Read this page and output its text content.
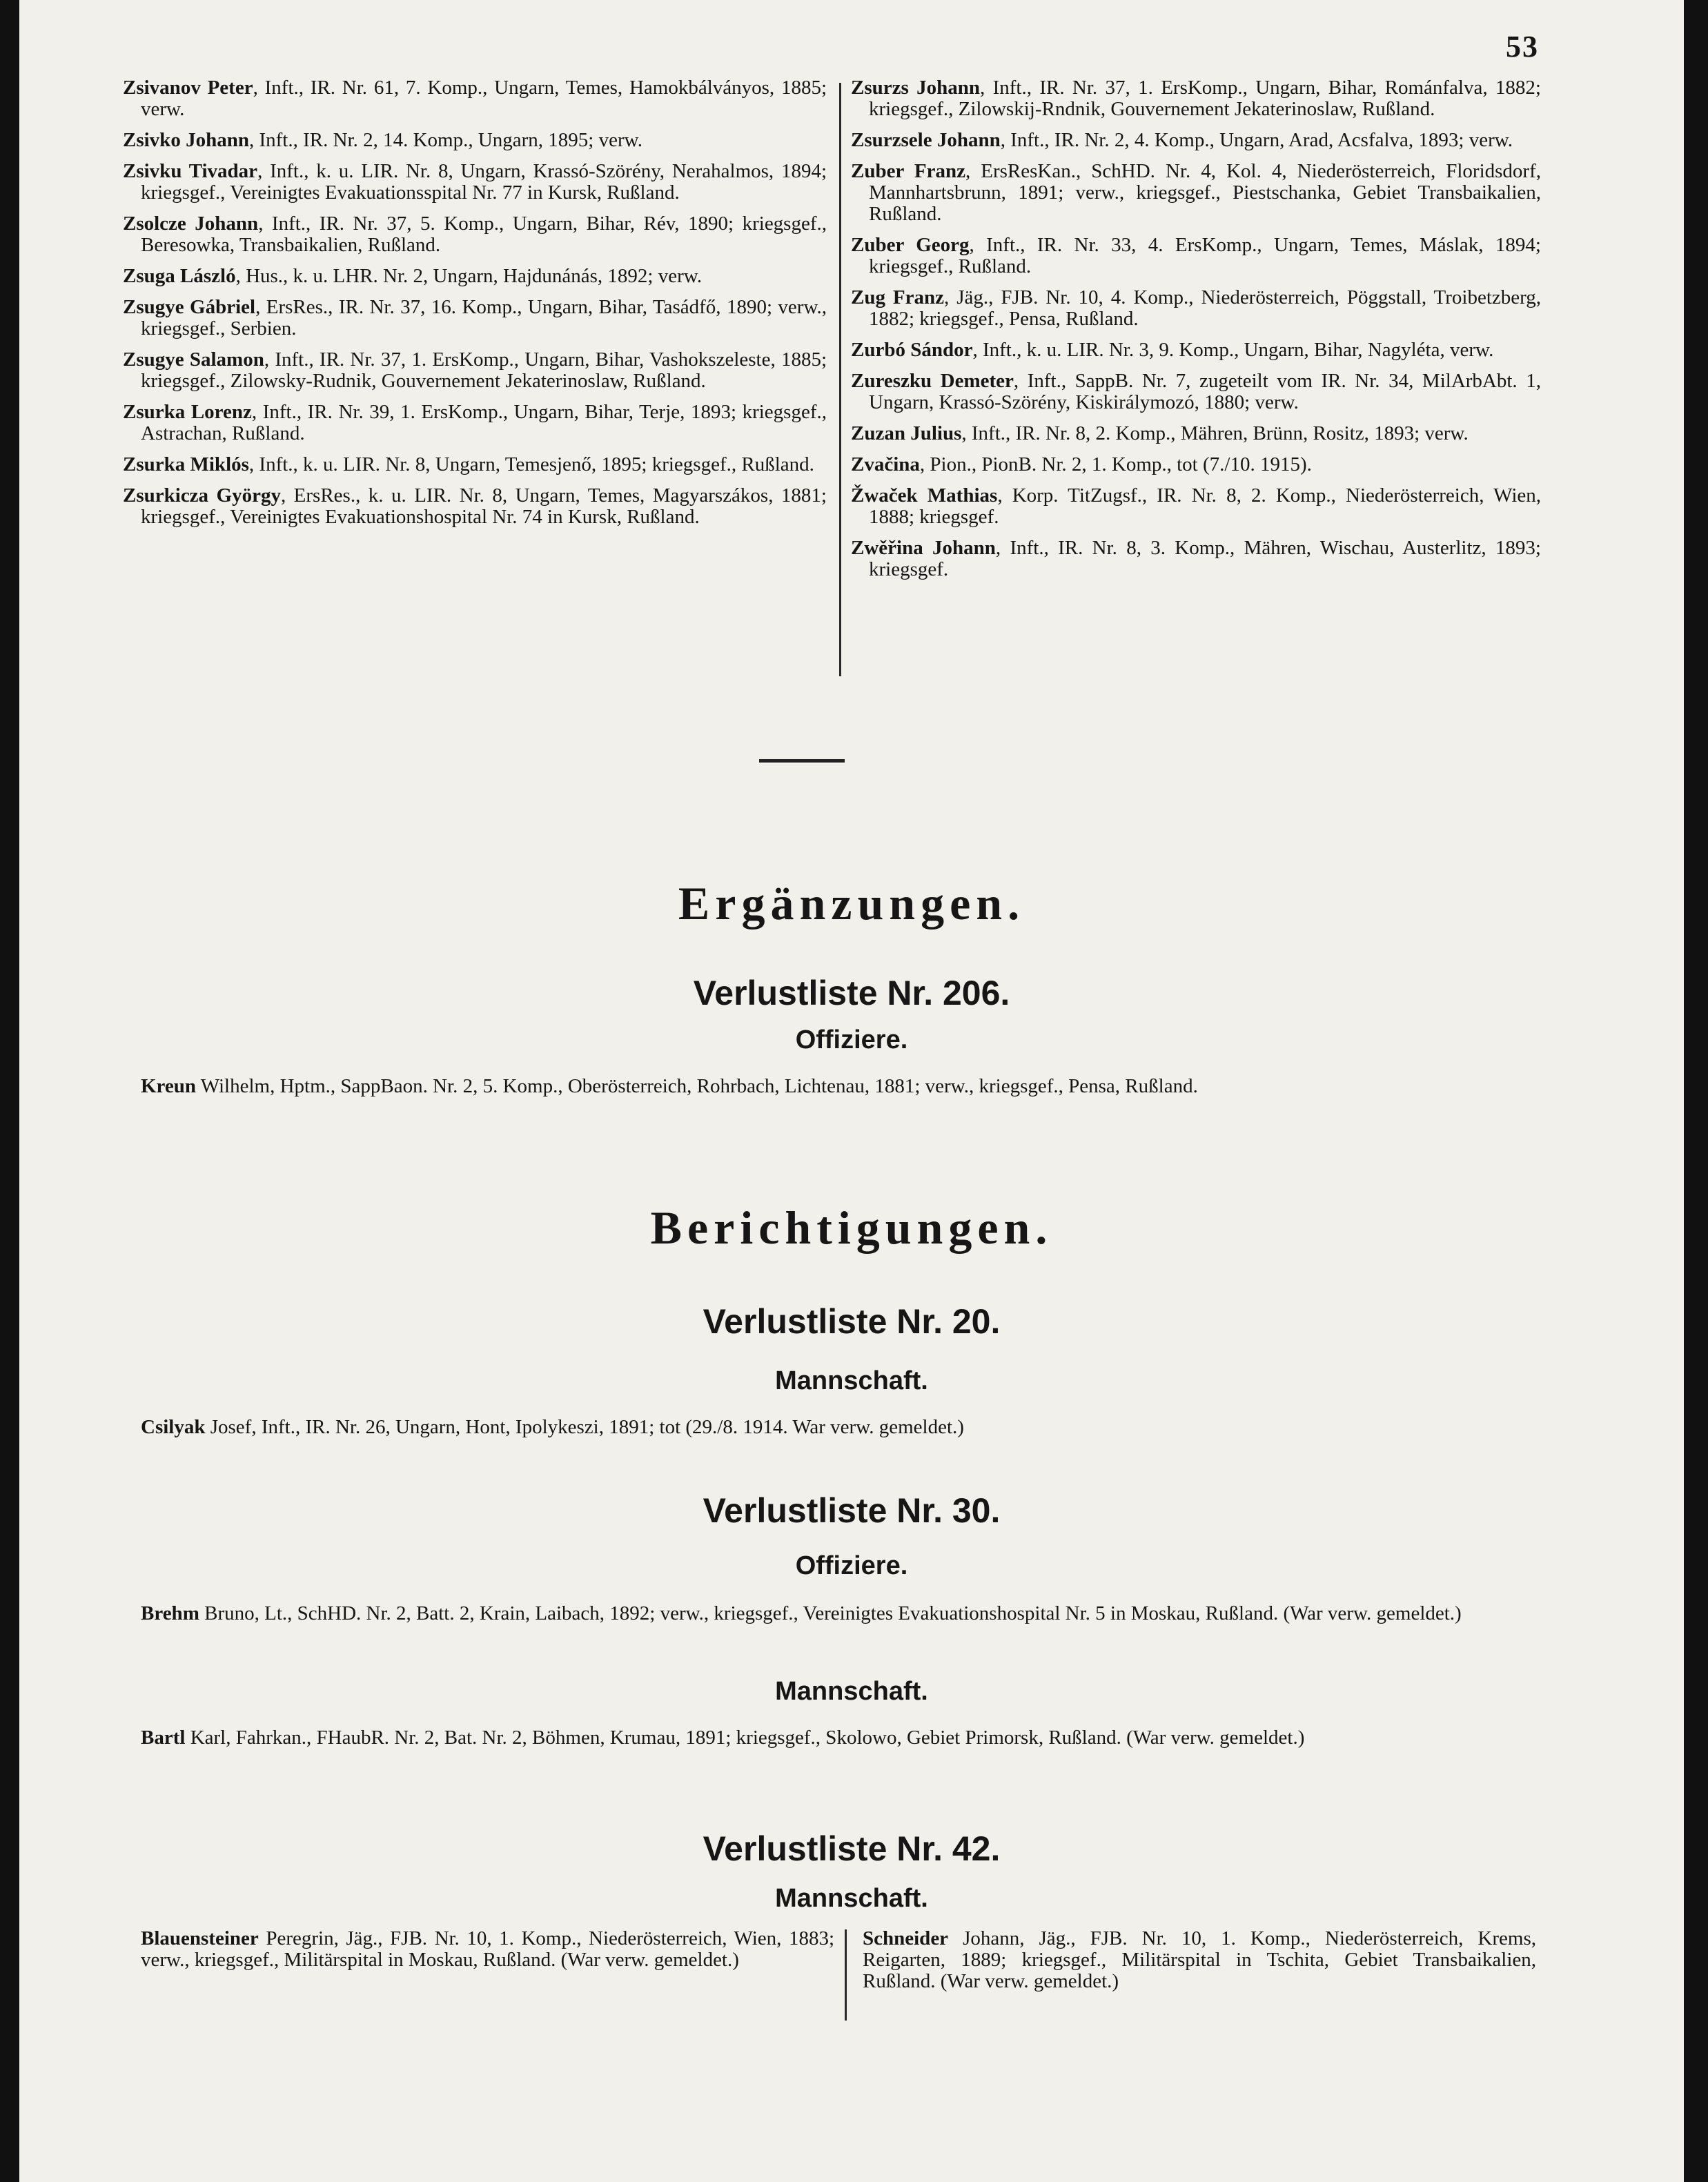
53

Zsivanov Peter, Inft., IR. Nr. 61, 7. Komp., Ungarn, Temes, Hamokbálványos, 1885; verw.

Zsivko Johann, Inft., IR. Nr. 2, 14. Komp., Ungarn, 1895; verw.

Zsivku Tivadar, Inft., k. u. LIR. Nr. 8, Ungarn, Krassó-Szörény, Nerahalmos, 1894; kriegsgef., Vereinigtes Evakuationsspital Nr. 77 in Kursk, Rußland.

Zsolcze Johann, Inft., IR. Nr. 37, 5. Komp., Ungarn, Bihar, Rév, 1890; kriegsgef., Beresowka, Transbaikalien, Rußland.

Zsuga László, Hus., k. u. LHR. Nr. 2, Ungarn, Hajdunánás, 1892; verw.

Zsugye Gábriel, ErsRes., IR. Nr. 37, 16. Komp., Ungarn, Bihar, Tasádfő, 1890; verw., kriegsgef., Serbien.

Zsugye Salamon, Inft., IR. Nr. 37, 1. ErsKomp., Ungarn, Bihar, Vashokszeleste, 1885; kriegsgef., Zilowsky-Rudnik, Gouvernement Jekaterinoslaw, Rußland.

Zsurka Lorenz, Inft., IR. Nr. 39, 1. ErsKomp., Ungarn, Bihar, Terje, 1893; kriegsgef., Astrachan, Rußland.

Zsurka Miklós, Inft., k. u. LIR. Nr. 8, Ungarn, Temesjenő, 1895; kriegsgef., Rußland.

Zsurkicza György, ErsRes., k. u. LIR. Nr. 8, Ungarn, Temes, Magyarszákos, 1881; kriegsgef., Vereinigtes Evakuationshospital Nr. 74 in Kursk, Rußland.

Zsurzs Johann, Inft., IR. Nr. 37, 1. ErsKomp., Ungarn, Bihar, Románfalva, 1882; kriegsgef., Zilowskij-Rndnik, Gouvernement Jekaterinoslaw, Rußland.

Zsurzsele Johann, Inft., IR. Nr. 2, 4. Komp., Ungarn, Arad, Acsfalva, 1893; verw.

Zuber Franz, ErsResKan., SchHD. Nr. 4, Kol. 4, Niederösterreich, Floridsdorf, Mannhartsbrunn, 1891; verw., kriegsgef., Piestschanka, Gebiet Transbaikalien, Rußland.

Zuber Georg, Inft., IR. Nr. 33, 4. ErsKomp., Ungarn, Temes, Máslak, 1894; kriegsgef., Rußland.

Zug Franz, Jäg., FJB. Nr. 10, 4. Komp., Niederösterreich, Pöggstall, Troibetzberg, 1882; kriegsgef., Pensa, Rußland.

Zurbó Sándor, Inft., k. u. LIR. Nr. 3, 9. Komp., Ungarn, Bihar, Nagyléta, verw.

Zureszku Demeter, Inft., SappB. Nr. 7, zugeteilt vom IR. Nr. 34, MilArbAbt. 1, Ungarn, Krassó-Szörény, Kiskirálymozó, 1880; verw.

Zuzan Julius, Inft., IR. Nr. 8, 2. Komp., Mähren, Brünn, Rositz, 1893; verw.

Zvačina, Pion., PionB. Nr. 2, 1. Komp., tot (7./10. 1915).

Žwaček Mathias, Korp. TitZugsf., IR. Nr. 8, 2. Komp., Niederösterreich, Wien, 1888; kriegsgef.

Zwěřina Johann, Inft., IR. Nr. 8, 3. Komp., Mähren, Wischau, Austerlitz, 1893; kriegsgef.

Ergänzungen.
Verlustliste Nr. 206.
Offiziere.

Kreun Wilhelm, Hptm., SappBaon. Nr. 2, 5. Komp., Oberösterreich, Rohrbach, Lichtenau, 1881; verw., kriegsgef., Pensa, Rußland.

Berichtigungen.
Verlustliste Nr. 20.
Mannschaft.

Csilyak Josef, Inft., IR. Nr. 26, Ungarn, Hont, Ipolykeszi, 1891; tot (29./8. 1914. War verw. gemeldet.)

Verlustliste Nr. 30.
Offiziere.

Brehm Bruno, Lt., SchHD. Nr. 2, Batt. 2, Krain, Laibach, 1892; verw., kriegsgef., Vereinigtes Evakuationshospital Nr. 5 in Moskau, Rußland. (War verw. gemeldet.)

Mannschaft.

Bartl Karl, Fahrkan., FHaubR. Nr. 2, Bat. Nr. 2, Böhmen, Krumau, 1891; kriegsgef., Skolowo, Gebiet Primorsk, Rußland. (War verw. gemeldet.)

Verlustliste Nr. 42.
Mannschaft.

Blauensteiner Peregrin, Jäg., FJB. Nr. 10, 1. Komp., Niederösterreich, Wien, 1883; verw., kriegsgef., Militärspital in Moskau, Rußland. (War verw. gemeldet.)

Schneider Johann, Jäg., FJB. Nr. 10, 1. Komp., Niederösterreich, Krems, Reigarten, 1889; kriegsgef., Militärspital in Tschita, Gebiet Transbaikalien, Rußland. (War verw. gemeldet.)
